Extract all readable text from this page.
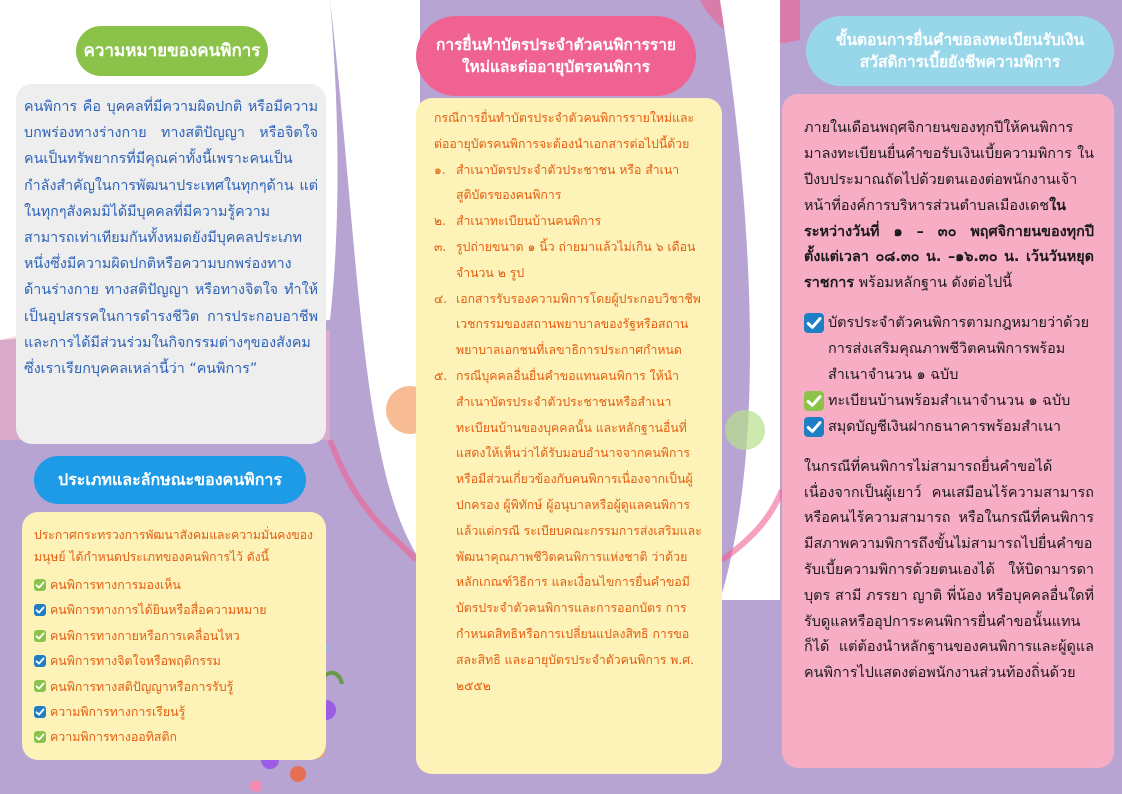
ความหมายของคนพิการ

คนพิการ คือ บุคคลที่มีความผิดปกติ หรือมีความบกพร่องทางร่างกาย ทางสติปัญญา หรือจิตใจ คนเป็นทรัพยากรที่มีคุณค่าทั้งนี้เพราะคนเป็นกำลังสำคัญในการพัฒนาประเทศในทุกๆด้าน แต่ในทุกๆสังคมมิได้มีบุคคลที่มีความรู้ความสามารถเท่าเทียมกันทั้งหมดยังมีบุคคลประเภทหนึ่งซึ่งมีความผิดปกติหรือความบกพร่องทางด้านร่างกาย ทางสติปัญญา หรือทางจิตใจ ทำให้เป็นอุปสรรคในการดำรงชีวิต การประกอบอาชีพ และการได้มีส่วนร่วมในกิจกรรมต่างๆของสังคม ซึ่งเราเรียกบุคคลเหล่านี้ว่า “คนพิการ”

ประเภทและลักษณะของคนพิการ

ประกาศกระทรวงการพัฒนาสังคมและความมั่นคงของมนุษย์ ได้กำหนดประเภทของคนพิการไว้ ดังนี้

คนพิการทางการมองเห็น
คนพิการทางการได้ยินหรือสื่อความหมาย
คนพิการทางกายหรือการเคลื่อนไหว
คนพิการทางจิตใจหรือพฤติกรรม
คนพิการทางสติปัญญาหรือการรับรู้
ความพิการทางการเรียนรู้
ความพิการทางออทิสติก
การยื่นทำบัตรประจำตัวคนพิการรายใหม่และต่ออายุบัตรคนพิการ

กรณีการยื่นทำบัตรประจำตัวคนพิการรายใหม่และต่ออายุบัตรคนพิการจะต้องนำเอกสารต่อไปนี้ด้วย

๑. สำเนาบัตรประจำตัวประชาชน หรือ สำเนาสูติบัตรของคนพิการ
๒. สำเนาทะเบียนบ้านคนพิการ
๓. รูปถ่ายขนาด ๑ นิ้ว ถ่ายมาแล้วไม่เกิน ๖ เดือน จำนวน ๒ รูป
๔. เอกสารรับรองความพิการโดยผู้ประกอบวิชาชีพเวชกรรมของสถานพยาบาลของรัฐหรือสถานพยาบาลเอกชนที่เลขาธิการประกาศกำหนด
๕. กรณีบุคคลอื่นยื่นคำขอแทนคนพิการ ให้นำสำเนาบัตรประจำตัวประชาชนหรือสำเนาทะเบียนบ้านของบุคคลนั้น และหลักฐานอื่นที่แสดงให้เห็นว่าได้รับมอบอำนาจจากคนพิการหรือมีส่วนเกี่ยวข้องกับคนพิการเนื่องจากเป็นผู้ปกครอง ผู้พิทักษ์ ผู้อนุบาลหรือผู้ดูแลคนพิการแล้วแต่กรณี ระเบียบคณะกรรมการส่งเสริมและพัฒนาคุณภาพชีวิตคนพิการแห่งชาติ ว่าด้วยหลักเกณฑ์วิธีการ และเงื่อนไขการยื่นคำขอมีบัตรประจำตัวคนพิการและการออกบัตร การกำหนดสิทธิหรือการเปลี่ยนแปลงสิทธิ การขอสละสิทธิ และอายุบัตรประจำตัวคนพิการ พ.ศ. ๒๕๕๒
ขั้นตอนการยื่นคำขอลงทะเบียนรับเงินสวัสดิการเบี้ยยังชีพความพิการ

ภายในเดือนพฤศจิกายนของทุกปีให้คนพิการ มาลงทะเบียนยื่นคำขอรับเงินเบี้ยความพิการ ในปีงบประมาณถัดไปด้วยตนเองต่อพนักงานเจ้าหน้าที่องค์การบริหารส่วนตำบลเมืองเดชในระหว่างวันที่ ๑ – ๓๐ พฤศจิกายนของทุกปี ตั้งแต่เวลา ๐๘.๓๐ น. –๑๖.๓๐ น. เว้นวันหยุดราชการ พร้อมหลักฐาน ดังต่อไปนี้

บัตรประจำตัวคนพิการตามกฎหมายว่าด้วยการส่งเสริมคุณภาพชีวิตคนพิการพร้อมสำเนาจำนวน ๑ ฉบับ
ทะเบียนบ้านพร้อมสำเนาจำนวน ๑ ฉบับ
สมุดบัญชีเงินฝากธนาคารพร้อมสำเนา

ในกรณีที่คนพิการไม่สามารถยื่นคำขอได้เนื่องจากเป็นผู้เยาว์ คนเสมือนไร้ความสามารถหรือคนไร้ความสามารถ หรือในกรณีที่คนพิการมีสภาพความพิการถึงขั้นไม่สามารถไปยื่นคำขอรับเบี้ยความพิการด้วยตนเองได้ ให้บิดามารดา บุตร สามี ภรรยา ญาติ พี่น้อง หรือบุคคลอื่นใดที่รับดูแลหรืออุปการะคนพิการยื่นคำขอนั้นแทนก็ได้ แต่ต้องนำหลักฐานของคนพิการและผู้ดูแลคนพิการไปแสดงต่อพนักงานส่วนท้องถิ่นด้วย
